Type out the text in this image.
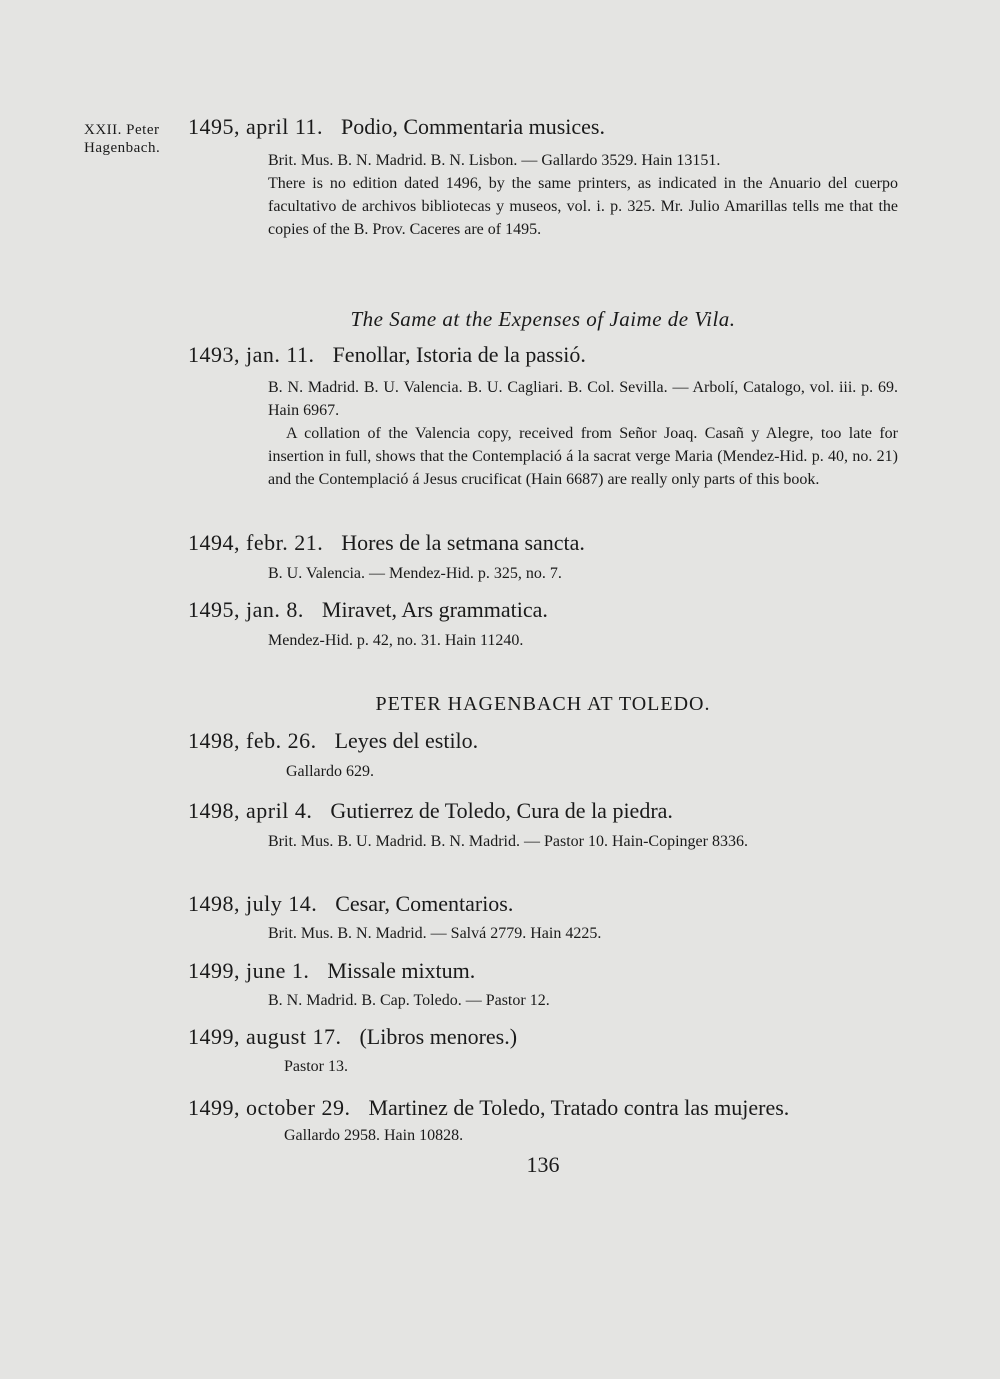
XXII. Peter
Hagenbach.
1495, april 11. Podio, Commentaria musices.
Brit. Mus. B. N. Madrid. B. N. Lisbon. — Gallardo 3529. Hain 13151.
There is no edition dated 1496, by the same printers, as indicated in the Anuario del cuerpo facultativo de archivos bibliotecas y museos, vol. i. p. 325. Mr. Julio Amarillas tells me that the copies of the B. Prov. Caceres are of 1495.
The Same at the Expenses of Jaime de Vila.
1493, jan. 11. Fenollar, Istoria de la passió.
B. N. Madrid. B. U. Valencia. B. U. Cagliari. B. Col. Sevilla. — Arbolí, Catalogo, vol. iii. p. 69. Hain 6967.
A collation of the Valencia copy, received from Señor Joaq. Casañ y Alegre, too late for insertion in full, shows that the Contemplació á la sacrat verge Maria (Mendez-Hid. p. 40, no. 21) and the Contemplació á Jesus crucificat (Hain 6687) are really only parts of this book.
1494, febr. 21. Hores de la setmana sancta.
B. U. Valencia. — Mendez-Hid. p. 325, no. 7.
1495, jan. 8. Miravet, Ars grammatica.
Mendez-Hid. p. 42, no. 31. Hain 11240.
PETER HAGENBACH AT TOLEDO.
1498, feb. 26. Leyes del estilo.
Gallardo 629.
1498, april 4. Gutierrez de Toledo, Cura de la piedra.
Brit. Mus. B. U. Madrid. B. N. Madrid. — Pastor 10. Hain-Copinger 8336.
1498, july 14. Cesar, Comentarios.
Brit. Mus. B. N. Madrid. — Salvá 2779. Hain 4225.
1499, june 1. Missale mixtum.
B. N. Madrid. B. Cap. Toledo. — Pastor 12.
1499, august 17. (Libros menores.)
Pastor 13.
1499, october 29. Martinez de Toledo, Tratado contra las mujeres.
Gallardo 2958. Hain 10828.
136
